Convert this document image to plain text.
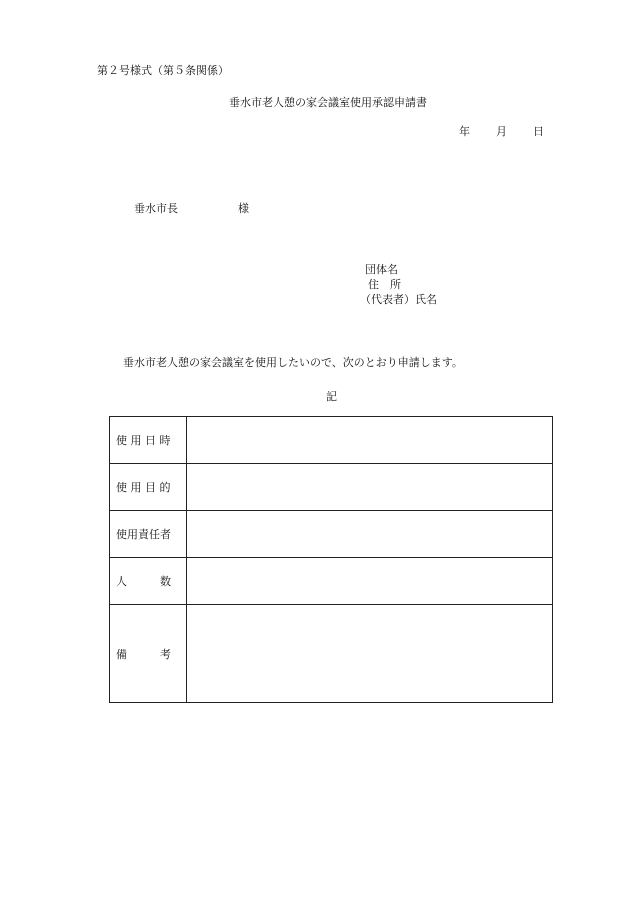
第２号様式（第５条関係）
垂水市老人憩の家会議室使用承認申請書
年 月 日
垂水市長	様
団体名
住　所
（代表者）氏名
垂水市老人憩の家会議室を使用したいので、次のとおり申請します。
記
使 用 日 時	
使 用 目 的	
使用責任者	
人　　　数	
備　　　考	
